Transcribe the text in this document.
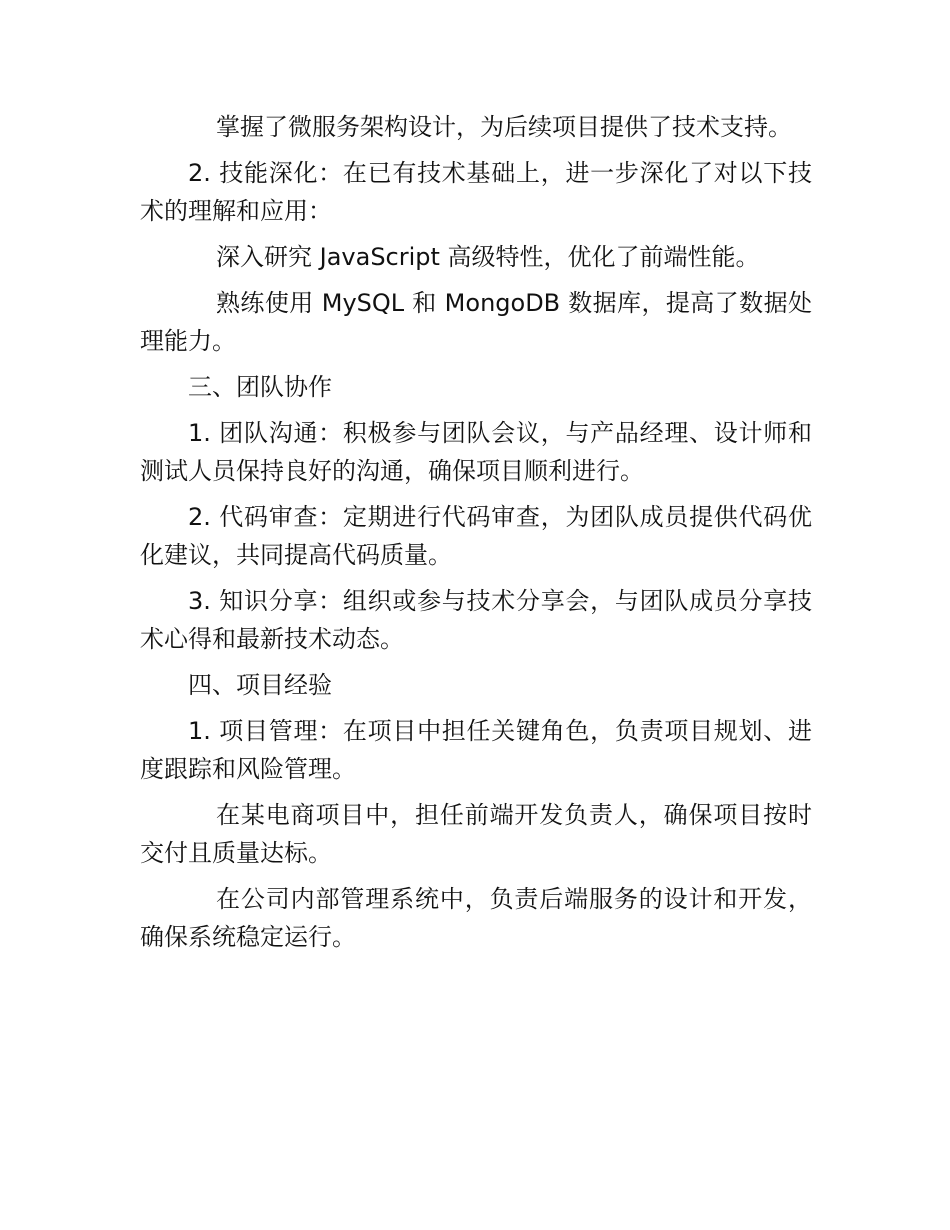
掌握了微服务架构设计，为后续项目提供了技术支持。

2. 技能深化：在已有技术基础上，进一步深化了对以下技术的理解和应用：

深入研究 JavaScript 高级特性，优化了前端性能。

熟练使用 MySQL 和 MongoDB 数据库，提高了数据处理能力。

三、团队协作

1. 团队沟通：积极参与团队会议，与产品经理、设计师和测试人员保持良好的沟通，确保项目顺利进行。

2. 代码审查：定期进行代码审查，为团队成员提供代码优化建议，共同提高代码质量。

3. 知识分享：组织或参与技术分享会，与团队成员分享技术心得和最新技术动态。

四、项目经验

1. 项目管理：在项目中担任关键角色，负责项目规划、进度跟踪和风险管理。

在某电商项目中，担任前端开发负责人，确保项目按时交付且质量达标。

在公司内部管理系统中，负责后端服务的设计和开发，确保系统稳定运行。
